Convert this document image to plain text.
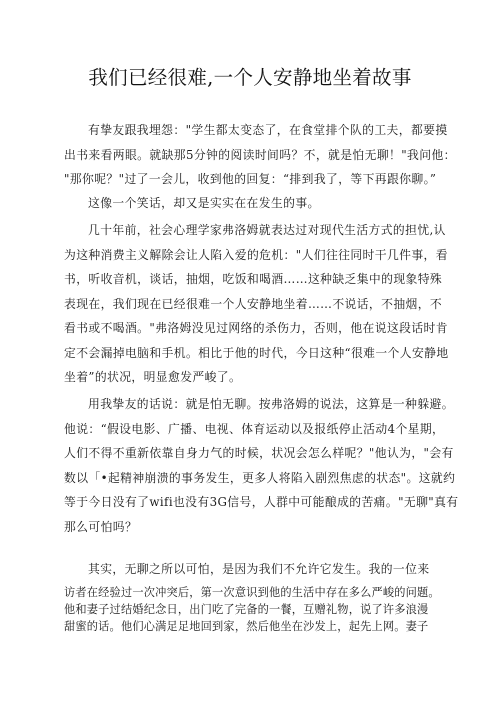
我们已经很难,一个人安静地坐着故事
有挚友跟我埋怨："学生都太变态了，在食堂排个队的工夫，都要摸
出书来看两眼。就缺那5分钟的阅读时间吗？不，就是怕无聊！"我问他：
"那你呢？"过了一会儿，收到他的回复：“排到我了，等下再跟你聊。”
这像一个笑话，却又是实实在在发生的事。
几十年前，社会心理学家弗洛姆就表达过对现代生活方式的担忧,认
为这种消费主义解除会让人陷入爱的危机："人们往往同时干几件事，看
书，听收音机，谈话，抽烟，吃饭和喝酒……这种缺乏集中的现象特殊
表现在，我们现在已经很难一个人安静地坐着……不说话，不抽烟，不
看书或不喝酒。"弗洛姆没见过网络的杀伤力，否则，他在说这段话时肯
定不会漏掉电脑和手机。相比于他的时代，今日这种“很难一个人安静地
坐着”的状况，明显愈发严峻了。
用我挚友的话说：就是怕无聊。按弗洛姆的说法，这算是一种躲避。
他说：“假设电影、广播、电视、体育运动以及报纸停止活动4个星期，
人们不得不重新依靠自身力气的时候，状况会怎么样呢？"他认为，"会有
数以「•起精神崩溃的事务发生，更多人将陷入剧烈焦虑的状态"。这就约
等于今日没有了wifi也没有3G信号，人群中可能酿成的苦痛。"无聊"真有
那么可怕吗？
其实，无聊之所以可怕，是因为我们不允许它发生。我的一位来
访者在经验过一次冲突后，第一次意识到他的生活中存在多么严峻的问题。
他和妻子过结婚纪念日，出门吃了完备的一餐，互赠礼物，说了许多浪漫
甜蜜的话。他们心满足足地回到家，然后他坐在沙发上，起先上网。妻子
